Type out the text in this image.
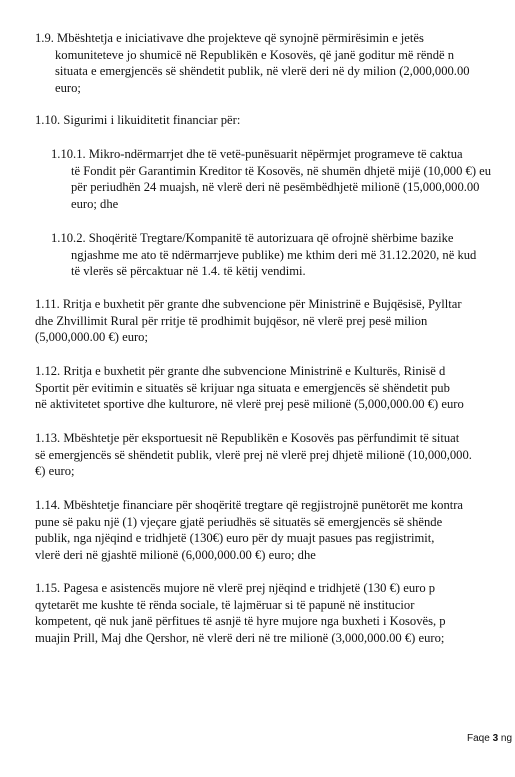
1.9. Mbështetja e iniciativave dhe projekteve që synojnë përmirësimin e jetës
komuniteteve jo shumicë në Republikën e Kosovës, që janë goditur më rëndë n
situata e emergjencës së shëndetit publik, në vlerë deri në dy milion (2,000,000.00
euro;

1.10. Sigurimi i likuiditetit financiar për:

1.10.1. Mikro-ndërmarrjet dhe të vetë-punësuarit nëpërmjet programeve të caktua
të Fondit për Garantimin Kreditor të Kosovës, në shumën dhjetë mijë (10,000 €) eu
për periudhën 24 muajsh, në vlerë deri në pesëmbëdhjetë milionë (15,000,000.00
euro; dhe

1.10.2. Shoqëritë Tregtare/Kompanitë të autorizuara që ofrojnë shërbime bazike
ngjashme me ato të ndërmarrjeve publike) me kthim deri më 31.12.2020, në kud
të vlerës së përcaktuar në 1.4. të këtij vendimi.

1.11. Rritja e buxhetit për grante dhe subvencione për Ministrinë e Bujqësisë, Pylltar
dhe Zhvillimit Rural për rritje të prodhimit bujqësor, në vlerë prej pesë milion
(5,000,000.00 €) euro;

1.12. Rritja e buxhetit për grante dhe subvencione Ministrinë e Kulturës, Rinisë d
Sportit për evitimin e situatës së krijuar nga situata e emergjencës së shëndetit pub
në aktivitetet sportive dhe kulturore, në vlerë prej pesë milionë (5,000,000.00 €) euro

1.13. Mbështetje për eksportuesit në Republikën e Kosovës pas përfundimit të situat
së emergjencës së shëndetit publik, vlerë prej në vlerë prej dhjetë milionë (10,000,000.
€) euro;

1.14. Mbështetje financiare për shoqëritë tregtare që regjistrojnë punëtorët me kontra
pune së paku një (1) vjeçare gjatë periudhës së situatës së emergjencës së shënde
publik, nga njëqind e tridhjetë (130€) euro për dy muajt pasues pas regjistrimit,
vlerë deri në gjashtë milionë (6,000,000.00 €) euro; dhe

1.15. Pagesa e asistencës mujore në vlerë prej njëqind e tridhjetë (130 €) euro p
qytetarët me kushte të rënda sociale, të lajmëruar si të papunë në institucior
kompetent, që nuk janë përfitues të asnjë të hyre mujore nga buxheti i Kosovës, p
muajin Prill, Maj dhe Qershor, në vlerë deri në tre milionë (3,000,000.00 €) euro;

Faqe 3 ng
